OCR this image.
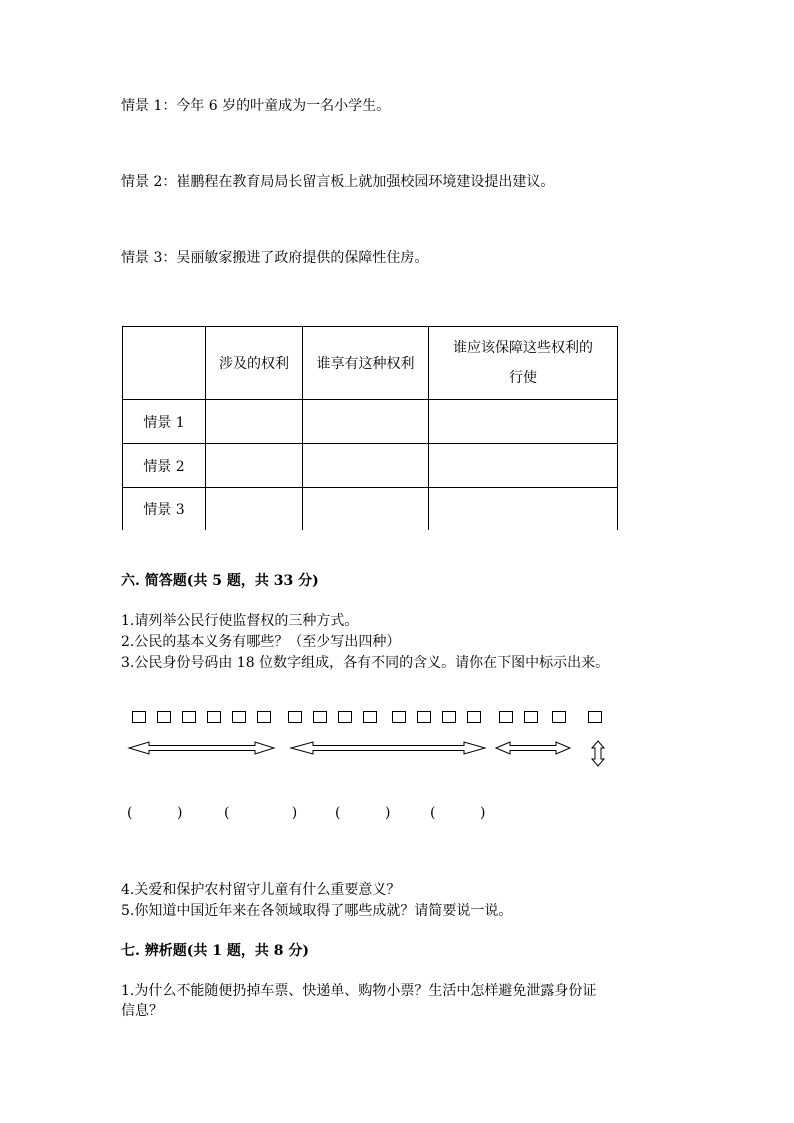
情景 1：今年 6 岁的叶童成为一名小学生。
情景 2：崔鹏程在教育局局长留言板上就加强校园环境建设提出建议。
情景 3：吴丽敏家搬进了政府提供的保障性住房。
	涉及的权利	谁享有这种权利	谁应该保障这些权利的
行使

情景 1			
情景 2			
情景 3			
六. 简答题(共 5 题，共 33 分)
1.请列举公民行使监督权的三种方式。
2.公民的基本义务有哪些？（至少写出四种）
3.公民身份号码由 18 位数字组成，各有不同的含义。请你在下图中标示出来。
(          )	(              )	(          )	(          )
4.关爱和保护农村留守儿童有什么重要意义？
5.你知道中国近年来在各领域取得了哪些成就？请简要说一说。
七. 辨析题(共 1 题，共 8 分)
1.为什么不能随便扔掉车票、快递单、购物小票？生活中怎样避免泄露身份证
信息？
